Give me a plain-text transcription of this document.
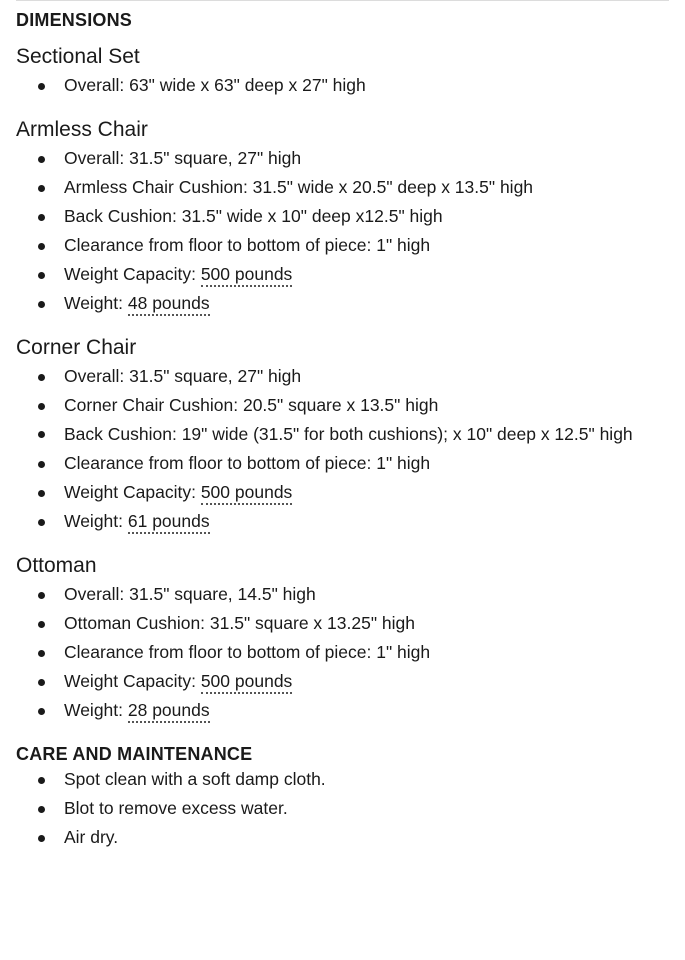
DIMENSIONS
Sectional Set
Overall: 63" wide x 63" deep x 27" high
Armless Chair
Overall: 31.5" square, 27" high
Armless Chair Cushion: 31.5" wide x 20.5" deep x 13.5" high
Back Cushion: 31.5" wide x 10" deep x12.5" high
Clearance from floor to bottom of piece: 1" high
Weight Capacity: 500 pounds
Weight: 48 pounds
Corner Chair
Overall: 31.5" square, 27" high
Corner Chair Cushion: 20.5" square x 13.5" high
Back Cushion: 19" wide (31.5" for both cushions); x 10" deep x 12.5" high
Clearance from floor to bottom of piece: 1" high
Weight Capacity: 500 pounds
Weight: 61 pounds
Ottoman
Overall: 31.5" square, 14.5" high
Ottoman Cushion: 31.5" square x 13.25" high
Clearance from floor to bottom of piece: 1" high
Weight Capacity: 500 pounds
Weight: 28 pounds
CARE AND MAINTENANCE
Spot clean with a soft damp cloth.
Blot to remove excess water.
Air dry.
